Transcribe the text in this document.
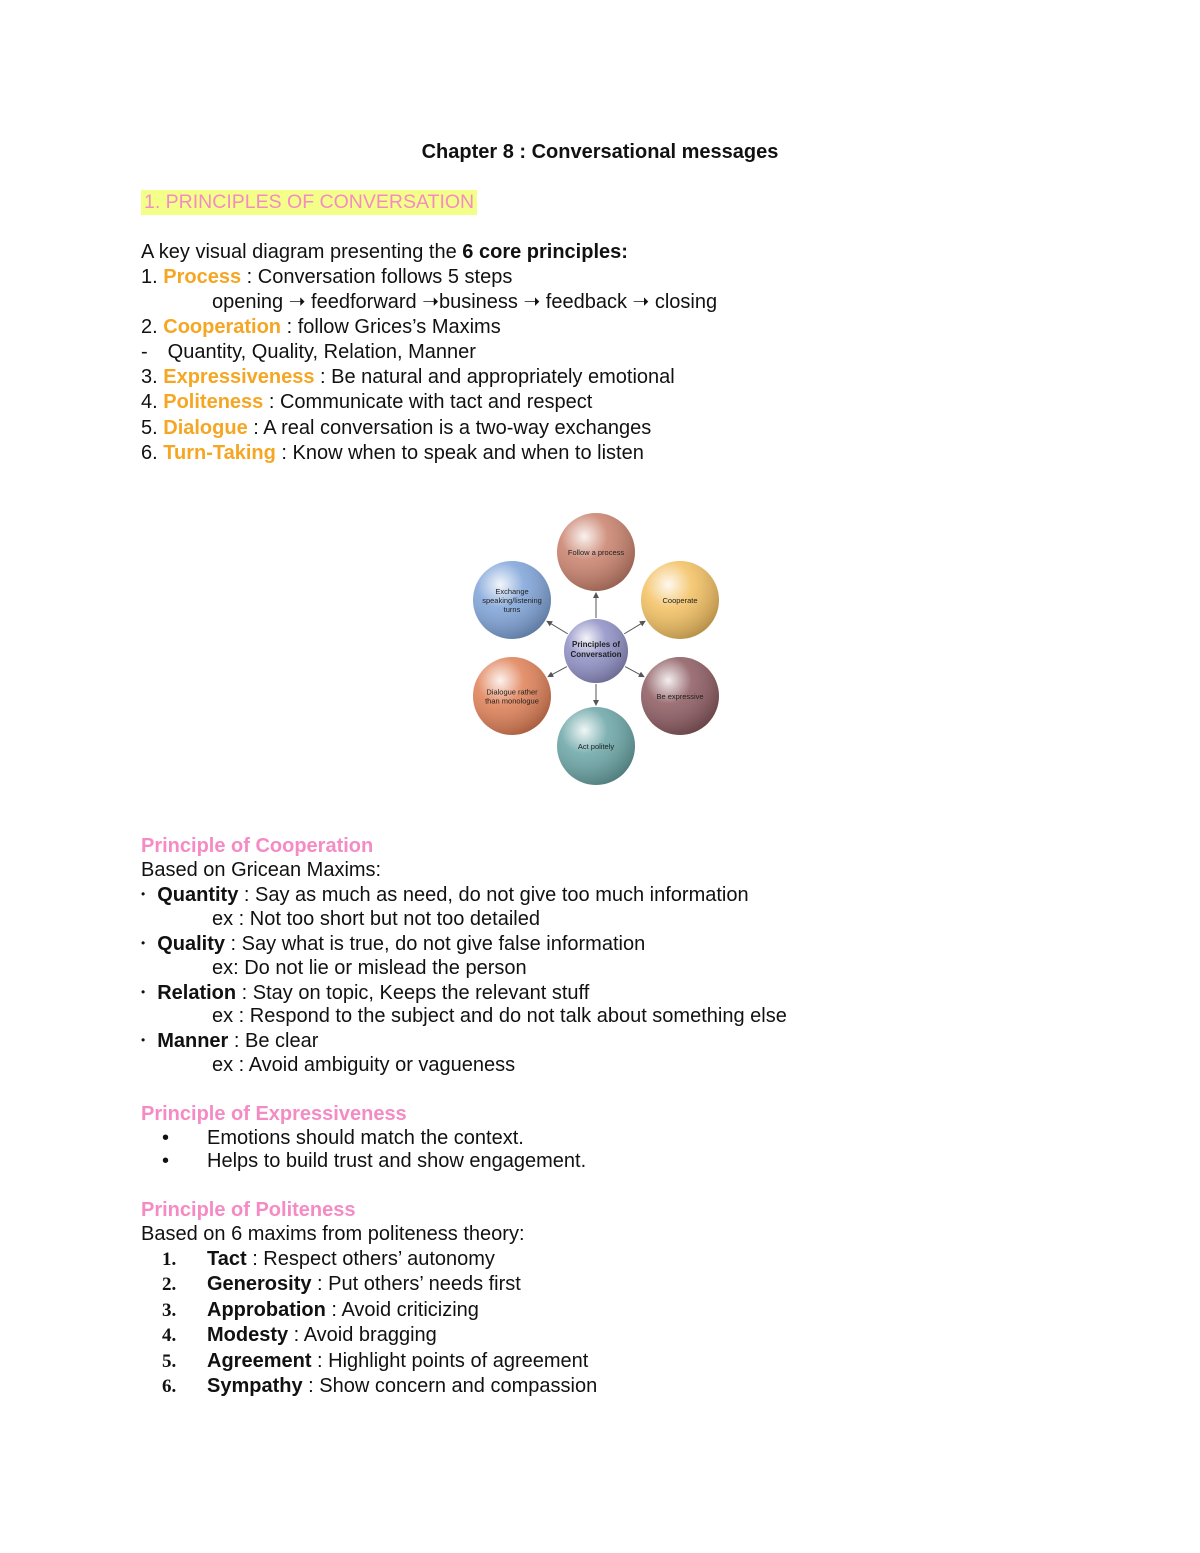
Chapter 8 : Conversational messages
1. PRINCIPLES OF CONVERSATION
A key visual diagram presenting the 6 core principles:
1. Process : Conversation follows 5 steps
opening ➝ feedforward ➝business ➝ feedback ➝ closing
2. Cooperation : follow Grices’s Maxims
- Quantity, Quality, Relation, Manner
3. Expressiveness : Be natural and appropriately emotional
4. Politeness : Communicate with tact and respect
5. Dialogue : A real conversation is a two-way exchanges
6. Turn-Taking : Know when to speak and when to listen
Follow a process
Cooperate
Be expressive
Act politely
Dialogue rather
than monologue
Exchange
speaking/listening
turns
Principles of
Conversation
Principle of Cooperation
Based on Gricean Maxims:
• Quantity : Say as much as need, do not give too much information
ex : Not too short but not too detailed
• Quality : Say what is true, do not give false information
ex: Do not lie or mislead the person
• Relation : Stay on topic, Keeps the relevant stuff
ex : Respond to the subject and do not talk about something else
• Manner : Be clear
ex : Avoid ambiguity or vagueness
Principle of Expressiveness
• Emotions should match the context.
• Helps to build trust and show engagement.
Principle of Politeness
Based on 6 maxims from politeness theory:
1. Tact : Respect others’ autonomy
2. Generosity : Put others’ needs first
3. Approbation : Avoid criticizing
4. Modesty : Avoid bragging
5. Agreement : Highlight points of agreement
6. Sympathy : Show concern and compassion
